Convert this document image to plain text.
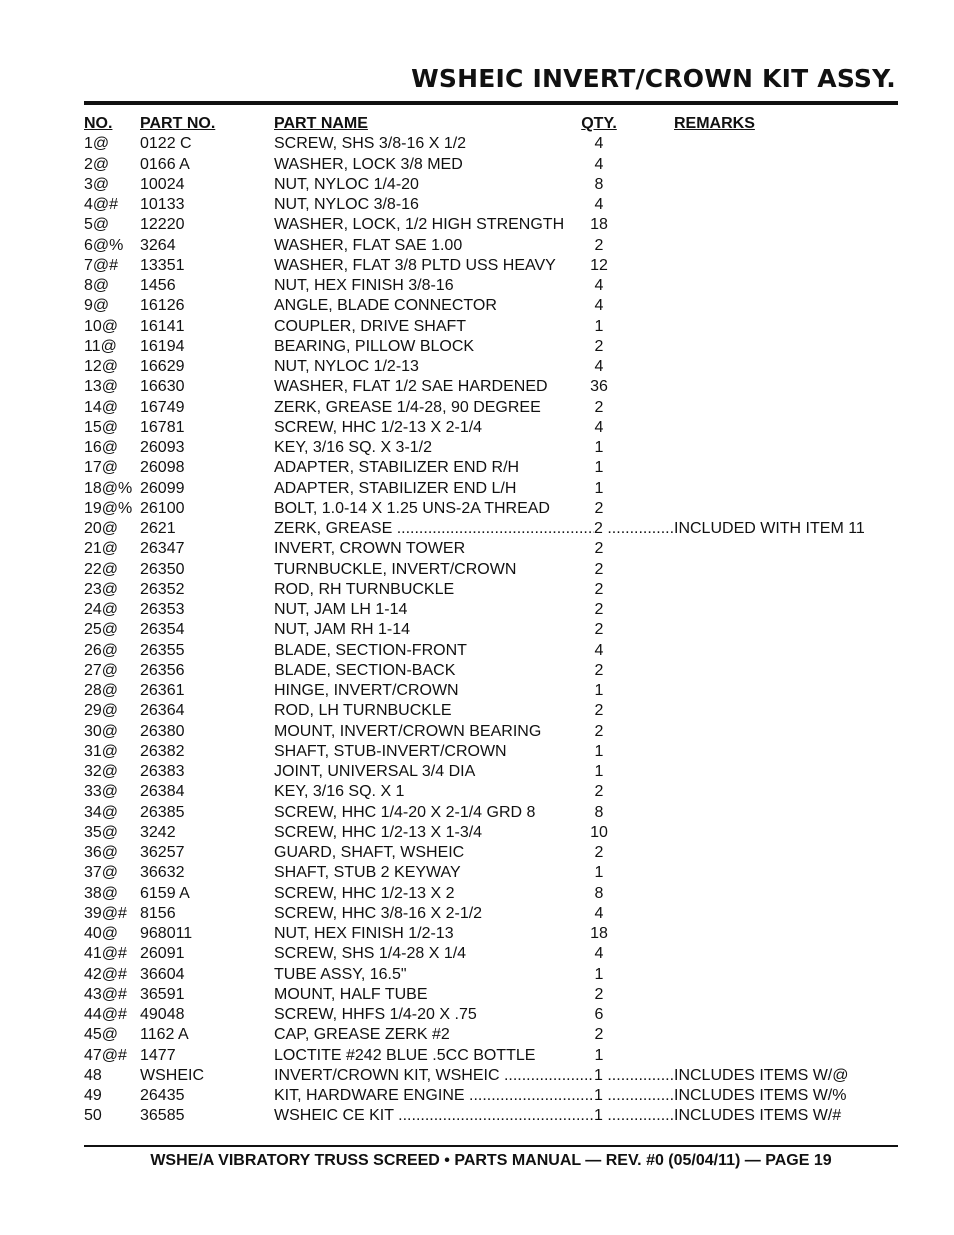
WSHEIC INVERT/CROWN KIT ASSY.
NO. PART NO.	PART NAME	QTY.	REMARKS
1@ 0122 C	SCREW, SHS 3/8-16 X 1/2	4
2@ 0166 A	WASHER, LOCK 3/8 MED	4
3@ 10024	NUT, NYLOC 1/4-20	8
4@# 10133	NUT, NYLOC 3/8-16	4
5@ 12220	WASHER, LOCK, 1/2 HIGH STRENGTH	18
6@% 3264	WASHER, FLAT SAE 1.00	2
7@# 13351	WASHER, FLAT 3/8 PLTD USS HEAVY	12
8@ 1456	NUT, HEX FINISH 3/8-16	4
9@ 16126	ANGLE, BLADE CONNECTOR	4
10@ 16141	COUPLER, DRIVE SHAFT	1
11@ 16194	BEARING, PILLOW BLOCK	2
12@ 16629	NUT, NYLOC 1/2-13	4
13@ 16630	WASHER, FLAT 1/2 SAE HARDENED	36
14@ 16749	ZERK, GREASE 1/4-28, 90 DEGREE	2
15@ 16781	SCREW, HHC 1/2-13 X 2-1/4	4
16@ 26093	KEY, 3/16 SQ. X 3-1/2	1
17@ 26098	ADAPTER, STABILIZER END R/H	1
18@% 26099	ADAPTER, STABILIZER END L/H	1
19@% 26100	BOLT, 1.0-14 X 1.25 UNS-2A THREAD	2
20@ 2621	ZERK, GREASE .....	2 .....	INCLUDED WITH ITEM 11
21@ 26347	INVERT, CROWN TOWER	2
22@ 26350	TURNBUCKLE, INVERT/CROWN	2
23@ 26352	ROD, RH TURNBUCKLE	2
24@ 26353	NUT, JAM LH 1-14	2
25@ 26354	NUT, JAM RH 1-14	2
26@ 26355	BLADE, SECTION-FRONT	4
27@ 26356	BLADE, SECTION-BACK	2
28@ 26361	HINGE, INVERT/CROWN	1
29@ 26364	ROD, LH TURNBUCKLE	2
30@ 26380	MOUNT, INVERT/CROWN BEARING	2
31@ 26382	SHAFT, STUB-INVERT/CROWN	1
32@ 26383	JOINT, UNIVERSAL 3/4 DIA	1
33@ 26384	KEY, 3/16 SQ. X 1	2
34@ 26385	SCREW, HHC 1/4-20 X 2-1/4 GRD 8	8
35@ 3242	SCREW, HHC 1/2-13 X 1-3/4	10
36@ 36257	GUARD, SHAFT, WSHEIC	2
37@ 36632	SHAFT, STUB 2 KEYWAY	1
38@ 6159 A	SCREW, HHC 1/2-13 X 2	8
39@# 8156	SCREW, HHC 3/8-16 X 2-1/2	4
40@ 968011	NUT, HEX FINISH 1/2-13	18
41@# 26091	SCREW, SHS 1/4-28 X 1/4	4
42@# 36604	TUBE ASSY, 16.5"	1
43@# 36591	MOUNT, HALF TUBE	2
44@# 49048	SCREW, HHFS 1/4-20 X .75	6
45@ 1162 A	CAP, GREASE ZERK #2	2
47@# 1477	LOCTITE #242 BLUE .5CC BOTTLE	1
48 WSHEIC	INVERT/CROWN KIT, WSHEIC .....	1 .....	INCLUDES ITEMS W/@
49 26435	KIT, HARDWARE ENGINE .....	1 .....	INCLUDES ITEMS W/%
50 36585	WSHEIC CE KIT .....	1 .....	INCLUDES ITEMS W/#
WSHE/A VIBRATORY TRUSS SCREED • PARTS MANUAL — REV. #0 (05/04/11) — PAGE 19
